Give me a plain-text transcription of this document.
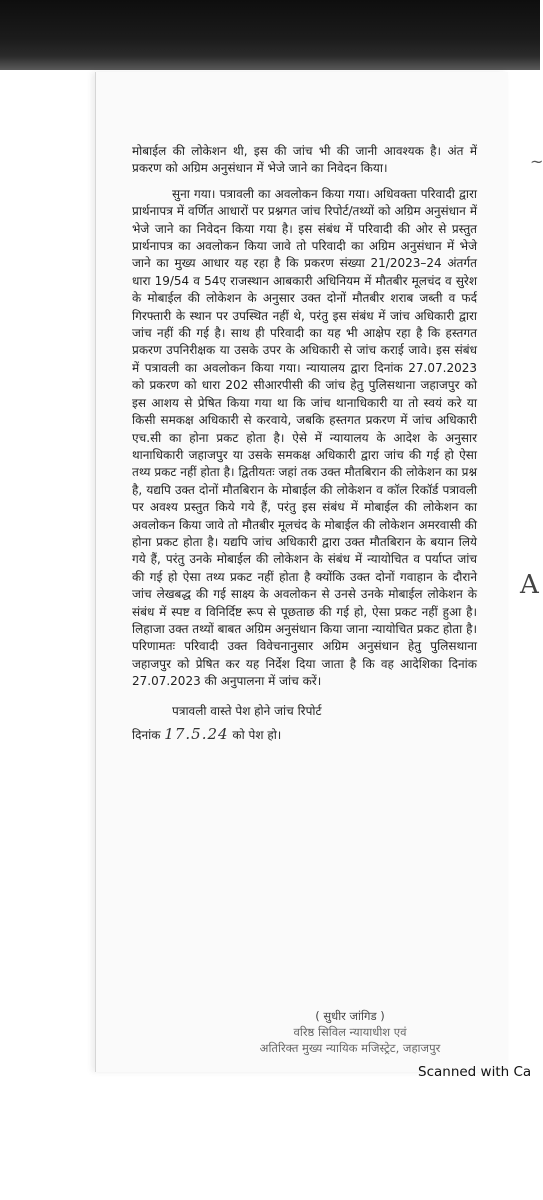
~

मोबाईल की लोकेशन थी, इस की जांच भी की जानी आवश्यक है। अंत में प्रकरण को अग्रिम अनुसंधान में भेजे जाने का निवेदन किया।

सुना गया। पत्रावली का अवलोकन किया गया। अधिवक्ता परिवादी द्वारा प्रार्थनापत्र में वर्णित आधारों पर प्रश्नगत जांच रिपोर्ट/तथ्यों को अग्रिम अनुसंधान में भेजे जाने का निवेदन किया गया है। इस संबंध में परिवादी की ओर से प्रस्तुत प्रार्थनापत्र का अवलोकन किया जावे तो परिवादी का अग्रिम अनुसंधान में भेजे जाने का मुख्य आधार यह रहा है कि प्रकरण संख्या 21/2023–24 अंतर्गत धारा 19/54 व 54ए राजस्थान आबकारी अधिनियम में मौतबीर मूलचंद व सुरेश के मोबाईल की लोकेशन के अनुसार उक्त दोनों मौतबीर शराब जब्ती व फर्द गिरफ्तारी के स्थान पर उपस्थित नहीं थे, परंतु इस संबंध में जांच अधिकारी द्वारा जांच नहीं की गई है। साथ ही परिवादी का यह भी आक्षेप रहा है कि हस्तगत प्रकरण उपनिरीक्षक या उसके उपर के अधिकारी से जांच कराई जावे। इस संबंध में पत्रावली का अवलोकन किया गया। न्यायालय द्वारा दिनांक 27.07.2023 को प्रकरण को धारा 202 सीआरपीसी की जांच हेतु पुलिसथाना जहाजपुर को इस आशय से प्रेषित किया गया था कि जांच थानाधिकारी या तो स्वयं करे या किसी समकक्ष अधिकारी से करवाये, जबकि हस्तगत प्रकरण में जांच अधिकारी एच.सी का होना प्रकट होता है। ऐसे में न्यायालय के आदेश के अनुसार थानाधिकारी जहाजपुर या उसके समकक्ष अधिकारी द्वारा जांच की गई हो ऐसा तथ्य प्रकट नहीं होता है। द्वितीयतः जहां तक उक्त मौतबिरान की लोकेशन का प्रश्न है, यद्यपि उक्त दोनों मौतबिरान के मोबाईल की लोकेशन व कॉल रिकॉर्ड पत्रावली पर अवश्य प्रस्तुत किये गये हैं, परंतु इस संबंध में मोबाईल की लोकेशन का अवलोकन किया जावे तो मौतबीर मूलचंद के मोबाईल की लोकेशन अमरवासी की होना प्रकट होता है। यद्यपि जांच अधिकारी द्वारा उक्त मौतबिरान के बयान लिये गये हैं, परंतु उनके मोबाईल की लोकेशन के संबंध में न्यायोचित व पर्याप्त जांच की गई हो ऐसा तथ्य प्रकट नहीं होता है क्योंकि उक्त दोनों गवाहान के दौराने जांच लेखबद्ध की गई साक्ष्य के अवलोकन से उनसे उनके मोबाईल लोकेशन के संबंध में स्पष्ट व विनिर्दिष्ट रूप से पूछताछ की गई हो, ऐसा प्रकट नहीं हुआ है। लिहाजा उक्त तथ्यों बाबत अग्रिम अनुसंधान किया जाना न्यायोचित प्रकट होता है। परिणामतः परिवादी उक्त विवेचनानुसार अग्रिम अनुसंधान हेतु पुलिसथाना जहाजपुर को प्रेषित कर यह निर्देश दिया जाता है कि वह आदेशिका दिनांक 27.07.2023 की अनुपालना में जांच करें।

पत्रावली वास्ते पेश होने जांच रिपोर्ट

दिनांक 17.5.24 को पेश हो।

( सुधीर जांगिड )
वरिष्ठ सिविल न्यायाधीश एवं
अतिरिक्त मुख्य न्यायिक मजिस्ट्रेट, जहाजपुर
A
Scanned with Ca
